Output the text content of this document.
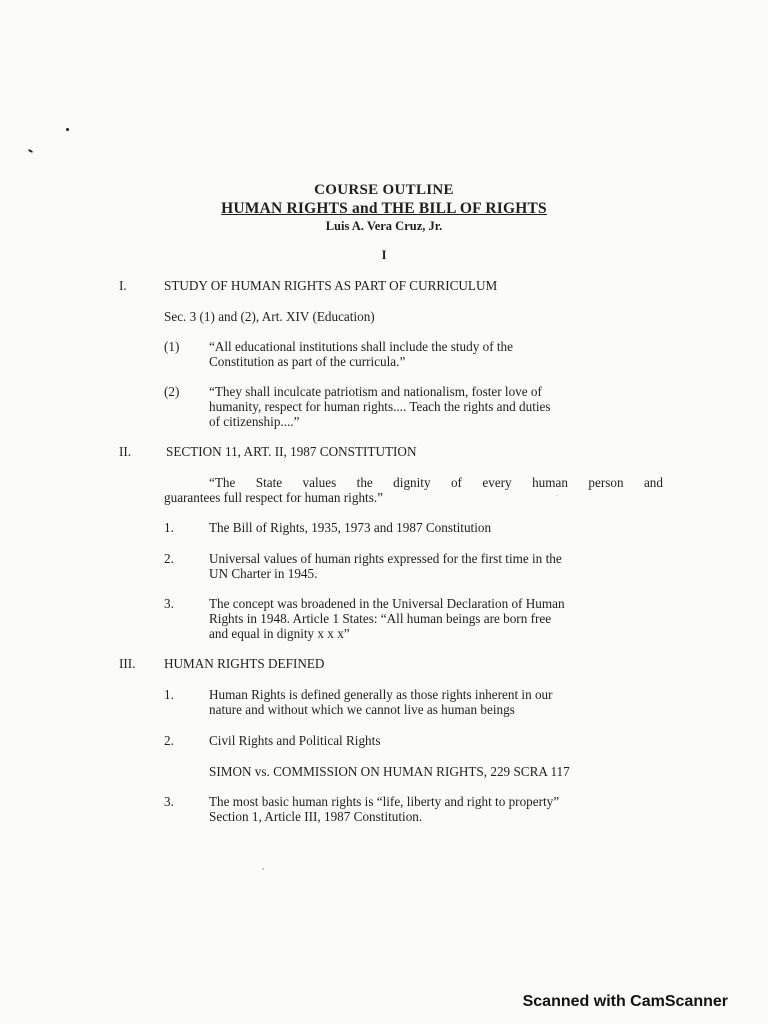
COURSE OUTLINE
HUMAN RIGHTS and THE BILL OF RIGHTS
Luis A. Vera Cruz, Jr.
I
I.	STUDY OF HUMAN RIGHTS AS PART OF CURRICULUM
Sec. 3 (1) and (2), Art. XIV (Education)
(1) “All educational institutions shall include the study of the
Constitution as part of the curricula.”
(2) “They shall inculcate patriotism and nationalism, foster love of
humanity, respect for human rights.... Teach the rights and duties
of citizenship....”
II.	SECTION 11, ART. II, 1987 CONSTITUTION
“The State values the dignity of every human person and
guarantees full respect for human rights.”
1.	The Bill of Rights, 1935, 1973 and 1987 Constitution
2.	Universal values of human rights expressed for the first time in the
UN Charter in 1945.
3.	The concept was broadened in the Universal Declaration of Human
Rights in 1948. Article 1 States: “All human beings are born free
and equal in dignity x x x”
III. HUMAN RIGHTS DEFINED
1.	Human Rights is defined generally as those rights inherent in our
nature and without which we cannot live as human beings
2.	Civil Rights and Political Rights
SIMON vs. COMMISSION ON HUMAN RIGHTS, 229 SCRA 117
3.	The most basic human rights is “life, liberty and right to property”
Section 1, Article III, 1987 Constitution.
Scanned with CamScanner
